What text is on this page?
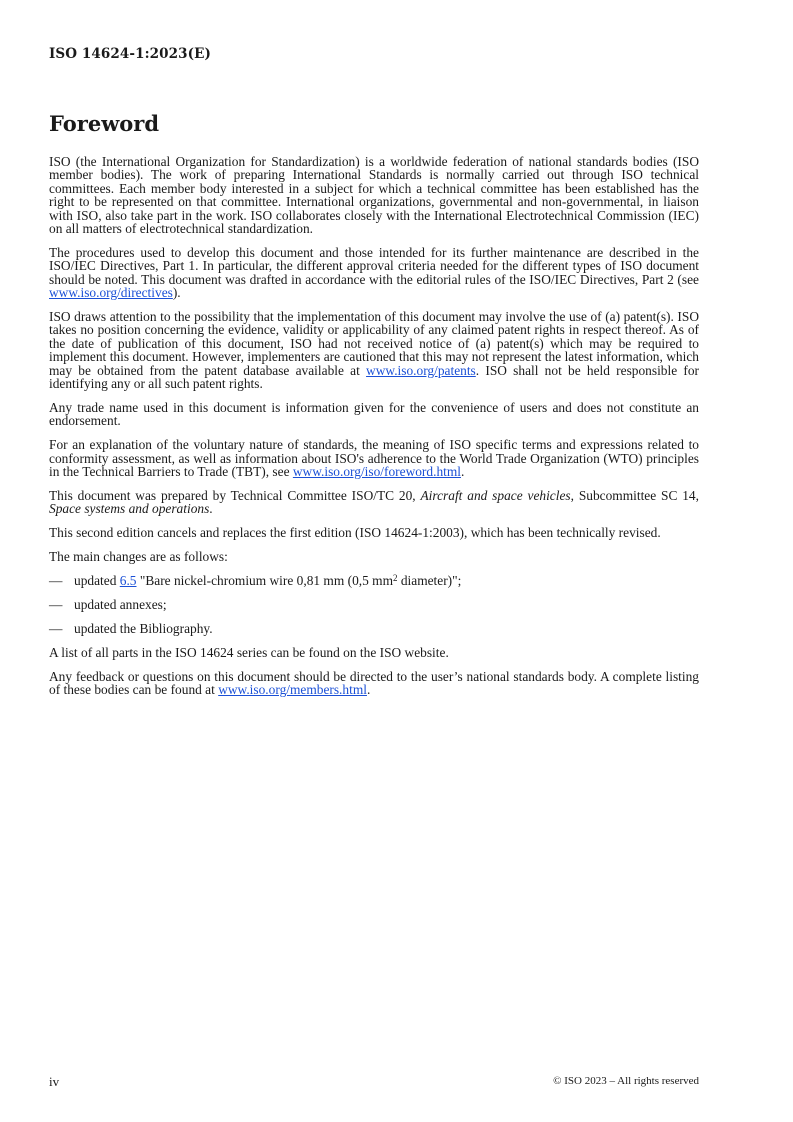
ISO 14624-1:2023(E)
Foreword

ISO (the International Organization for Standardization) is a worldwide federation of national standards bodies (ISO member bodies). The work of preparing International Standards is normally carried out through ISO technical committees. Each member body interested in a subject for which a technical committee has been established has the right to be represented on that committee. International organizations, governmental and non-governmental, in liaison with ISO, also take part in the work. ISO collaborates closely with the International Electrotechnical Commission (IEC) on all matters of electrotechnical standardization.

The procedures used to develop this document and those intended for its further maintenance are described in the ISO/IEC Directives, Part 1. In particular, the different approval criteria needed for the different types of ISO document should be noted. This document was drafted in accordance with the editorial rules of the ISO/IEC Directives, Part 2 (see www.iso.org/directives).

ISO draws attention to the possibility that the implementation of this document may involve the use of (a) patent(s). ISO takes no position concerning the evidence, validity or applicability of any claimed patent rights in respect thereof. As of the date of publication of this document, ISO had not received notice of (a) patent(s) which may be required to implement this document. However, implementers are cautioned that this may not represent the latest information, which may be obtained from the patent database available at www.iso.org/patents. ISO shall not be held responsible for identifying any or all such patent rights.

Any trade name used in this document is information given for the convenience of users and does not constitute an endorsement.

For an explanation of the voluntary nature of standards, the meaning of ISO specific terms and expressions related to conformity assessment, as well as information about ISO's adherence to the World Trade Organization (WTO) principles in the Technical Barriers to Trade (TBT), see www.iso.org/iso/foreword.html.

This document was prepared by Technical Committee ISO/TC 20, Aircraft and space vehicles, Subcommittee SC 14, Space systems and operations.

This second edition cancels and replaces the first edition (ISO 14624-1:2003), which has been technically revised.

The main changes are as follows:

— updated 6.5 "Bare nickel-chromium wire 0,81 mm (0,5 $mm^2$ diameter)";
— updated annexes;
— updated the Bibliography.

A list of all parts in the ISO 14624 series can be found on the ISO website.

Any feedback or questions on this document should be directed to the user’s national standards body. A complete listing of these bodies can be found at www.iso.org/members.html.

iv	© ISO 2023 – All rights reserved
